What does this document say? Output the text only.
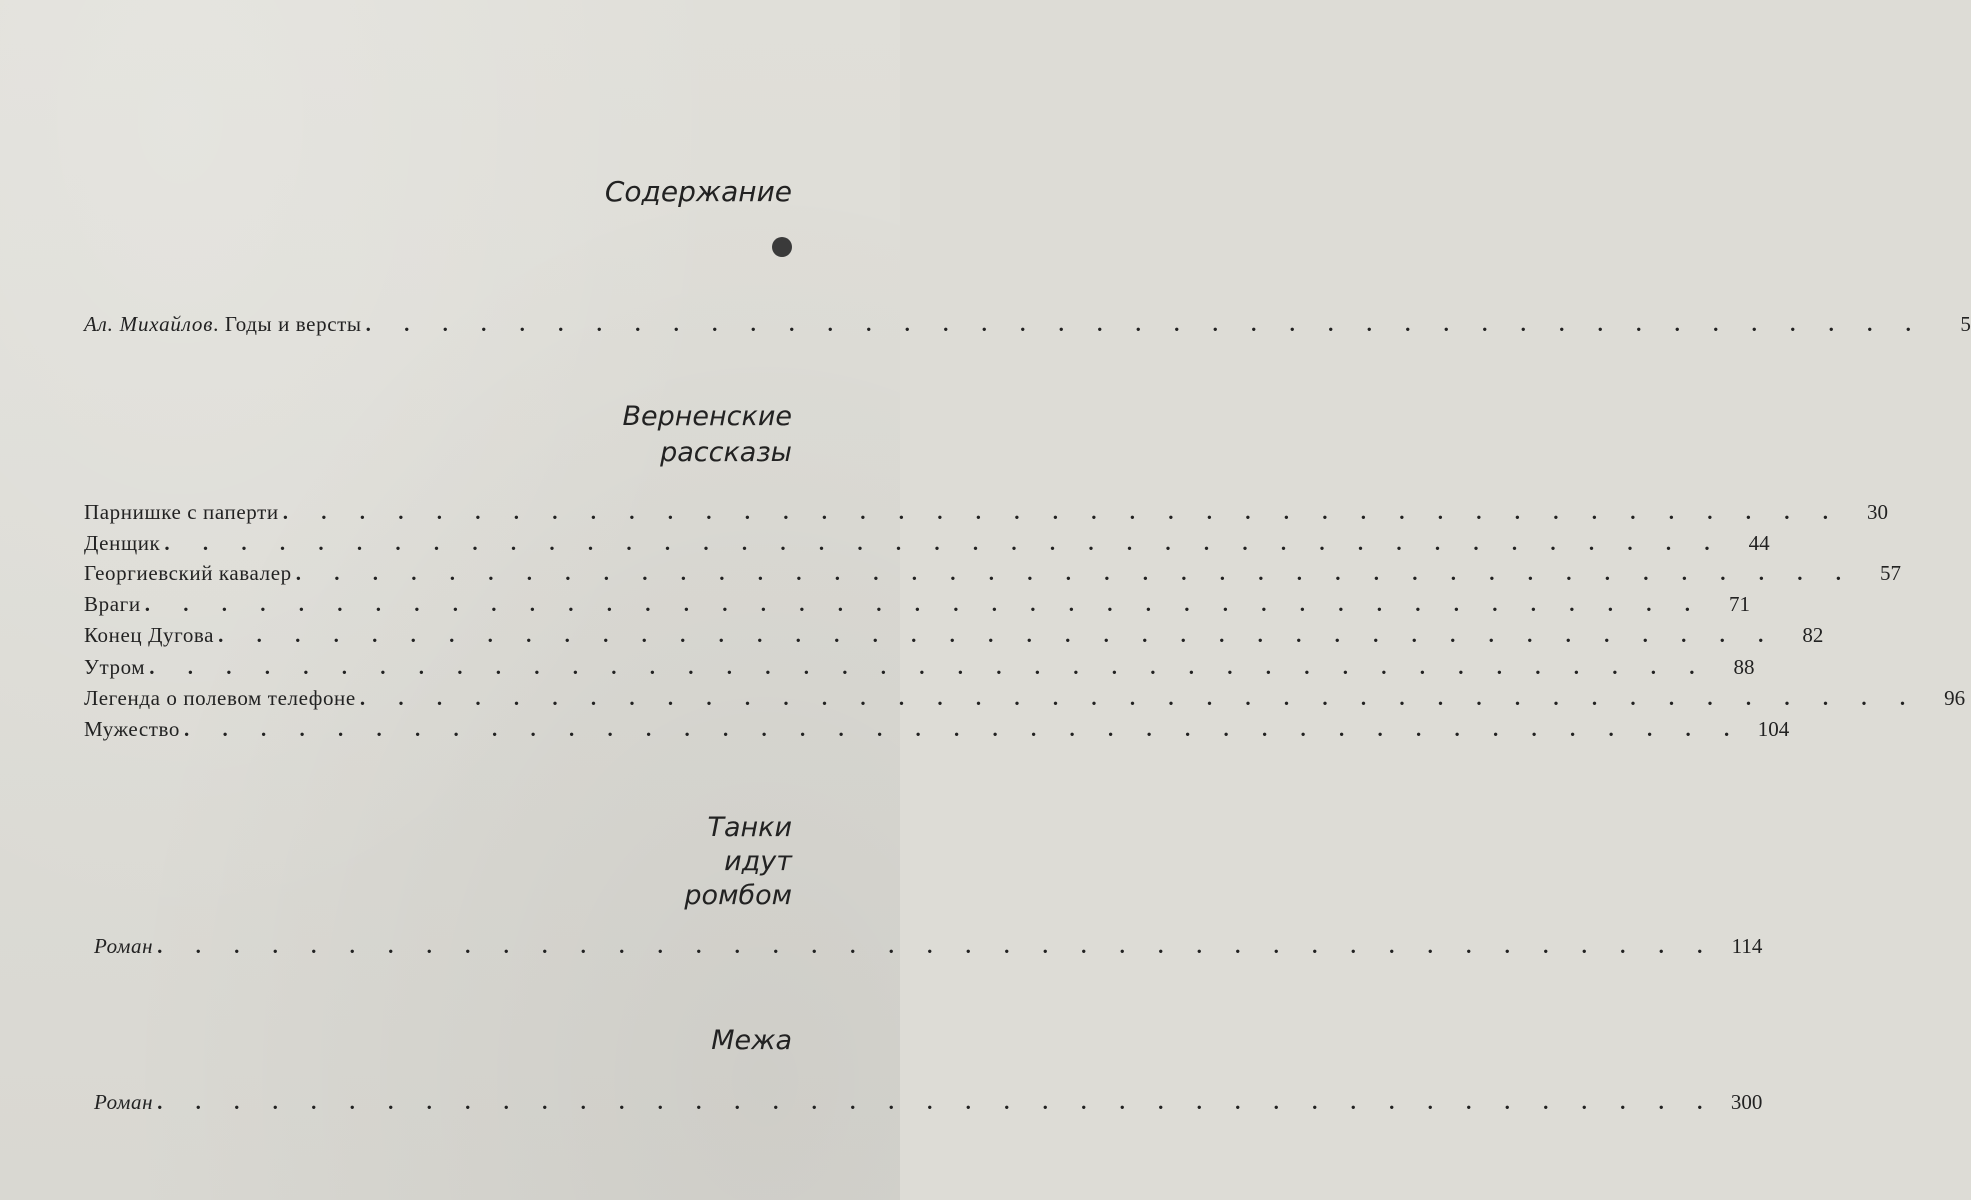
Содержание
Ал. Михайлов. Годы и версты . . . . . . . . . . . . . . . . . . . . . . . . . . . . . . . . . . . . . . . . .	5
Верненские
рассказы
Парнишке с паперти . . . . . . . . . . . . . . . . . . . . . . . . . . . . . . . . . . . . . . . . .	30
Денщик . . . . . . . . . . . . . . . . . . . . . . . . . . . . . . . . . . . . . . . . .	44
Георгиевский кавалер . . . . . . . . . . . . . . . . . . . . . . . . . . . . . . . . . . . . . . . . .	57
Враги . . . . . . . . . . . . . . . . . . . . . . . . . . . . . . . . . . . . . . . . .	71
Конец Дугова . . . . . . . . . . . . . . . . . . . . . . . . . . . . . . . . . . . . . . . . .	82
Утром . . . . . . . . . . . . . . . . . . . . . . . . . . . . . . . . . . . . . . . . .	88
Легенда о полевом телефоне . . . . . . . . . . . . . . . . . . . . . . . . . . . . . . . . . . . . . . . . .	96
Мужество . . . . . . . . . . . . . . . . . . . . . . . . . . . . . . . . . . . . . . . . . 104
Танки
идут
ромбом
Роман . . . . . . . . . . . . . . . . . . . . . . . . . . . . . . . . . . . . . . . . . 114
Межа
Роман . . . . . . . . . . . . . . . . . . . . . . . . . . . . . . . . . . . . . . . . . 300
